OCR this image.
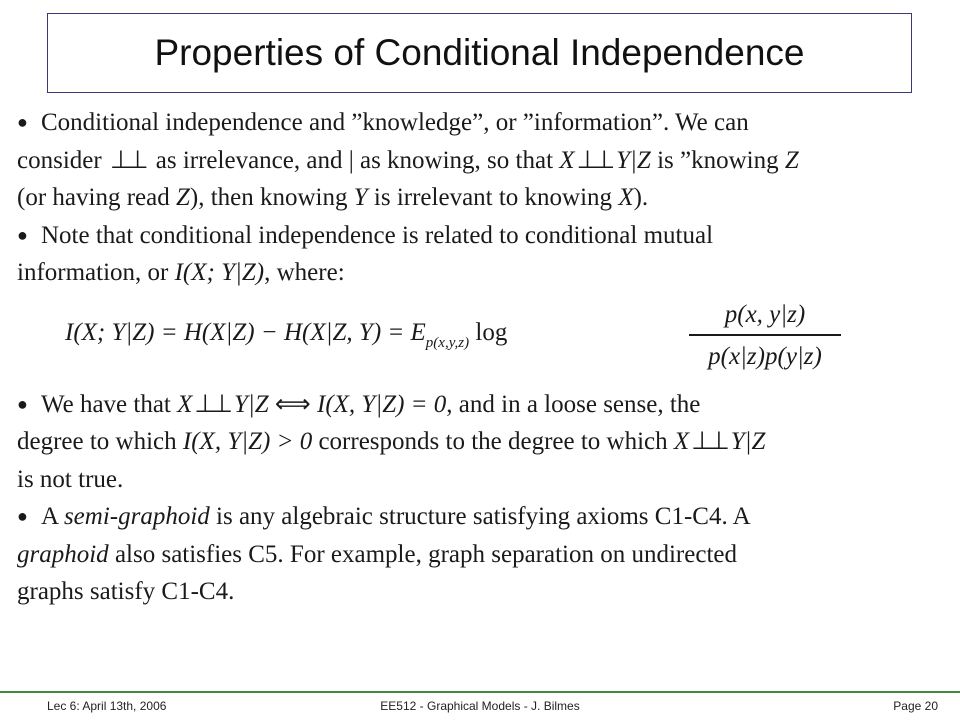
Properties of Conditional Independence
● Conditional independence and ”knowledge”, or ”information”. We can
consider ⊥⊥ as irrelevance, and | as knowing, so that X⊥⊥ Y|Z is ”knowing Z
(or having read Z), then knowing Y is irrelevant to knowing X).
● Note that conditional independence is related to conditional mutual
information, or I(X; Y|Z), where:
I(X; Y|Z) = H(X|Z) − H(X|Z, $Y) = E_{p(x,y,z)}$ log
p(x, y|z)
p(x|z)p(y|z)
● We have that X⊥⊥ Y|Z ⟺ I(X, Y|Z) = 0, and in a loose sense, the
degree to which I(X, Y|Z) > 0 corresponds to the degree to which X⊥⊥ Y|Z
is not true.
● A semi-graphoid is any algebraic structure satisfying axioms C1-C4. A
graphoid also satisfies C5. For example, graph separation on undirected
graphs satisfy C1-C4.
EE512 - Graphical Models - J. Bilmes
Lec 6: April 13th, 2006	Page 20
